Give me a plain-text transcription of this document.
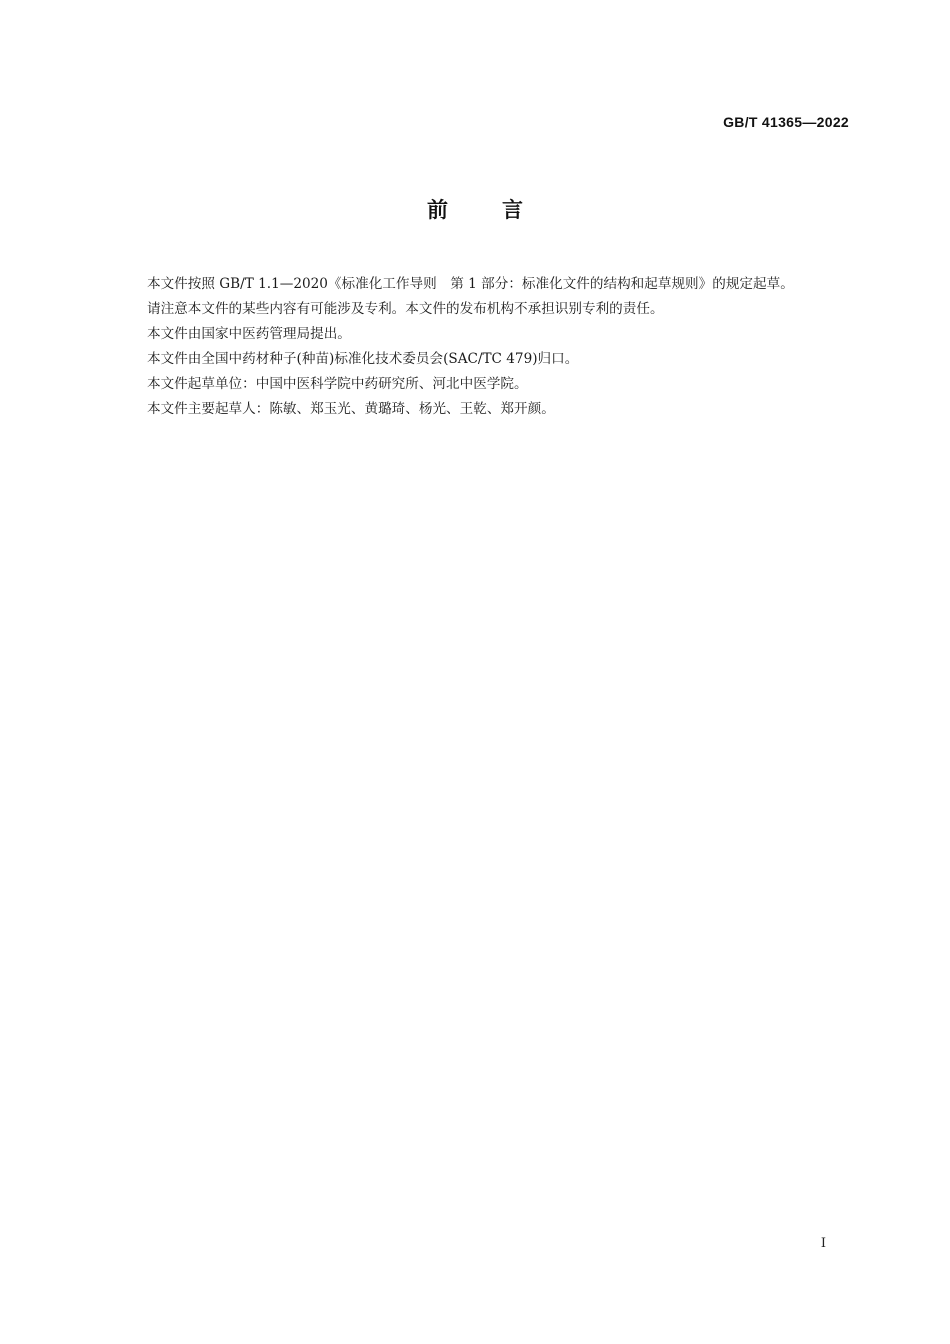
GB/T 41365—2022
前言

本文件按照 GB/T 1.1—2020《标准化工作导则　第 1 部分：标准化文件的结构和起草规则》的规定起草。

请注意本文件的某些内容有可能涉及专利。本文件的发布机构不承担识别专利的责任。

本文件由国家中医药管理局提出。

本文件由全国中药材种子(种苗)标准化技术委员会(SAC/TC 479)归口。

本文件起草单位：中国中医科学院中药研究所、河北中医学院。

本文件主要起草人：陈敏、郑玉光、黄璐琦、杨光、王乾、郑开颜。

I
